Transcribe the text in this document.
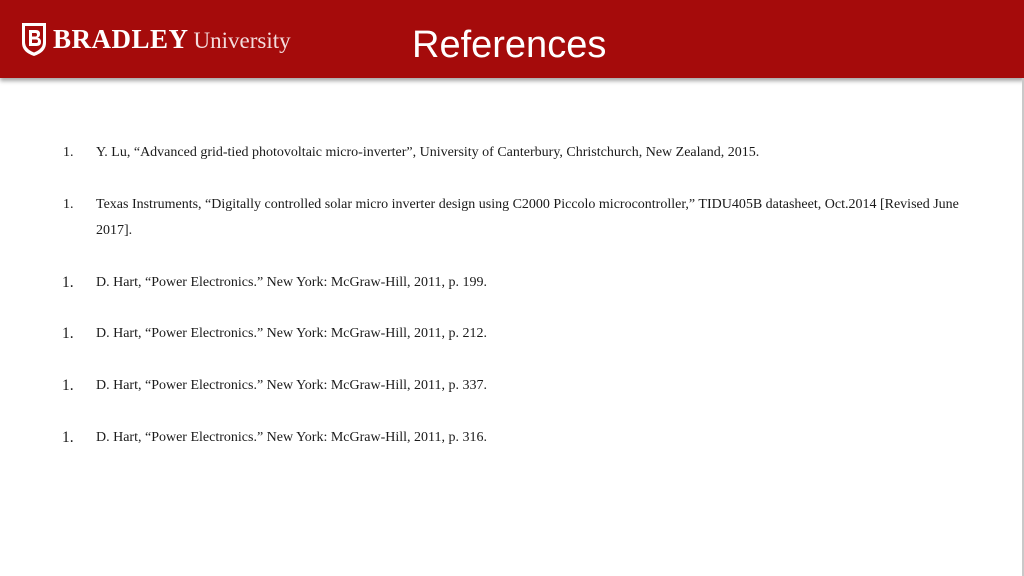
BRADLEY University	References
1. Y. Lu, “Advanced grid-tied photovoltaic micro-inverter”, University of Canterbury, Christchurch, New Zealand, 2015.
1. Texas Instruments, “Digitally controlled solar micro inverter design using C2000 Piccolo microcontroller,” TIDU405B datasheet, Oct.2014 [Revised June 2017].
1. D. Hart, “Power Electronics.” New York: McGraw-Hill, 2011, p. 199.
1. D. Hart, “Power Electronics.” New York: McGraw-Hill, 2011, p. 212.
1. D. Hart, “Power Electronics.” New York: McGraw-Hill, 2011, p. 337.
1. D. Hart, “Power Electronics.” New York: McGraw-Hill, 2011, p. 316.
